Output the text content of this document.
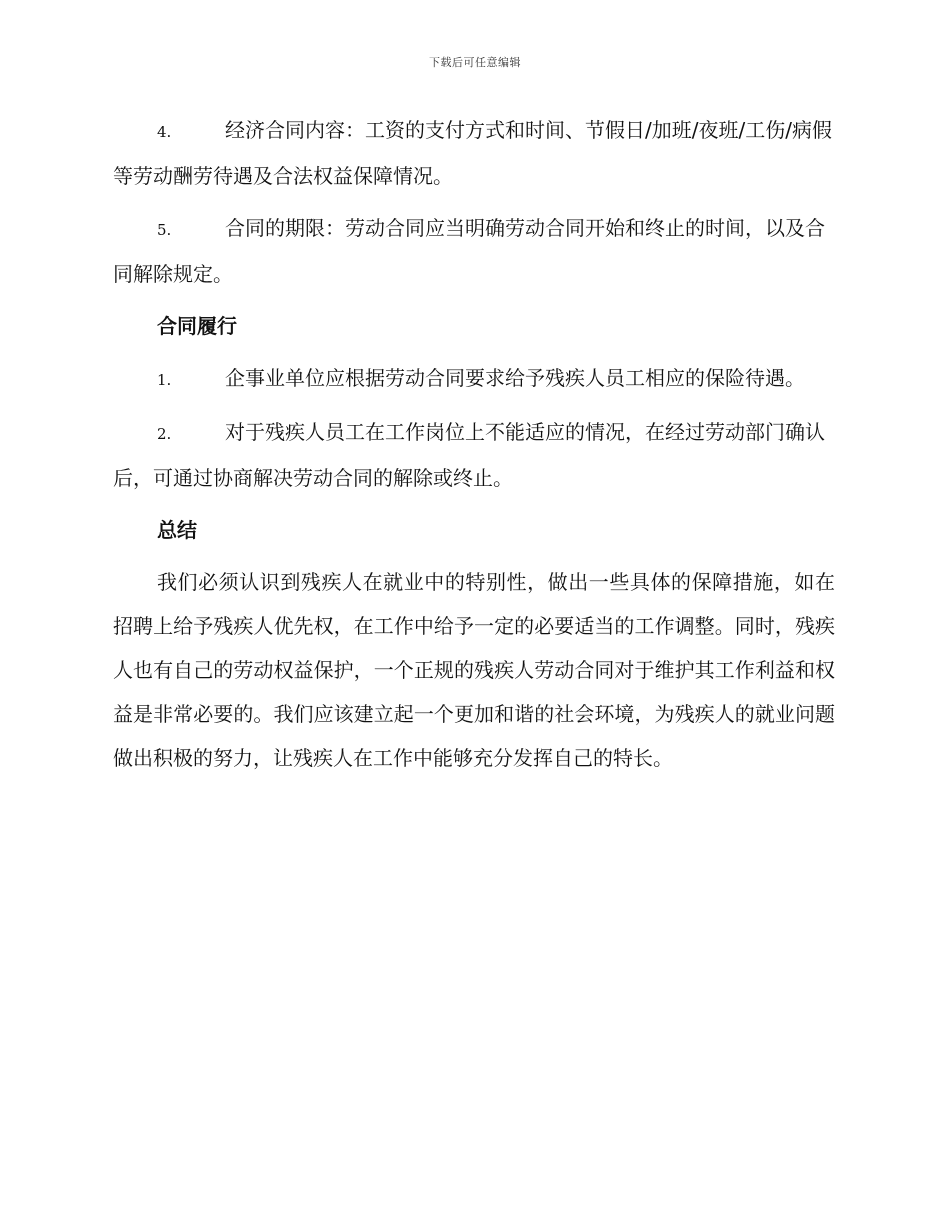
下载后可任意编辑
4.	经济合同内容：工资的支付方式和时间、节假日/加班/夜班/工伤/病假等劳动酬劳待遇及合法权益保障情况。
5.	合同的期限：劳动合同应当明确劳动合同开始和终止的时间，以及合同解除规定。
合同履行
1.	企事业单位应根据劳动合同要求给予残疾人员工相应的保险待遇。
2.	对于残疾人员工在工作岗位上不能适应的情况，在经过劳动部门确认后，可通过协商解决劳动合同的解除或终止。
总结

我们必须认识到残疾人在就业中的特别性，做出一些具体的保障措施，如在招聘上给予残疾人优先权，在工作中给予一定的必要适当的工作调整。同时，残疾人也有自己的劳动权益保护，一个正规的残疾人劳动合同对于维护其工作利益和权益是非常必要的。我们应该建立起一个更加和谐的社会环境，为残疾人的就业问题做出积极的努力，让残疾人在工作中能够充分发挥自己的特长。
